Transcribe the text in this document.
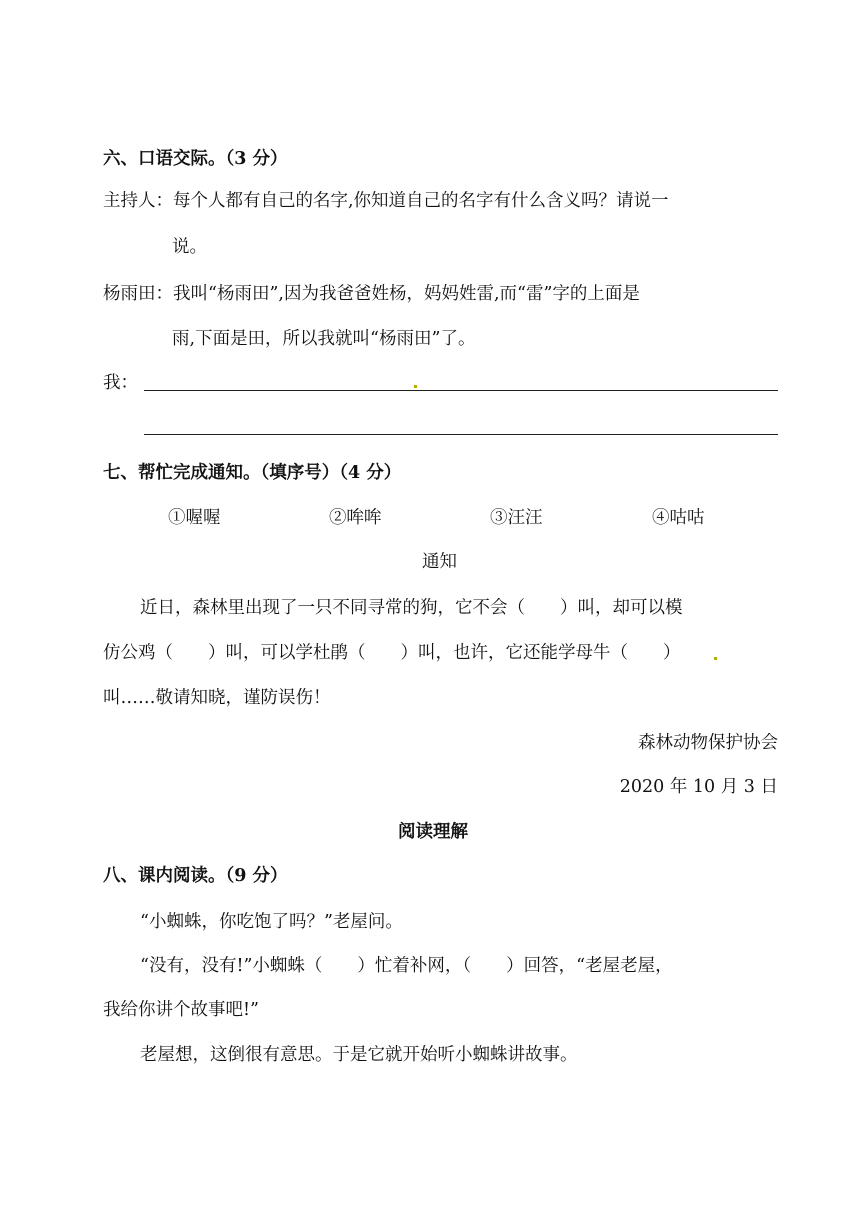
六、口语交际。（3 分）
主持人：每个人都有自己的名字,你知道自己的名字有什么含义吗？请说一
说。
杨雨田：我叫“杨雨田”,因为我爸爸姓杨，妈妈姓雷,而“雷”字的上面是
雨,下面是田，所以我就叫“杨雨田”了。
我：
七、帮忙完成通知。（填序号）（4 分）
①喔喔	②哞哞	③汪汪	④咕咕
通知
近日，森林里出现了一只不同寻常的狗，它不会（　　）叫，却可以模
仿公鸡（　　）叫，可以学杜鹃（　　）叫，也许，它还能学母牛（　　）
叫……敬请知晓，谨防误伤！
森林动物保护协会
2020 年 10 月 3 日
阅读理解
八、课内阅读。（9 分）
“小蜘蛛，你吃饱了吗？”老屋问。
“没有，没有!”小蜘蛛（　　）忙着补网，（　　）回答，“老屋老屋，
我给你讲个故事吧!”
老屋想，这倒很有意思。于是它就开始听小蜘蛛讲故事。
